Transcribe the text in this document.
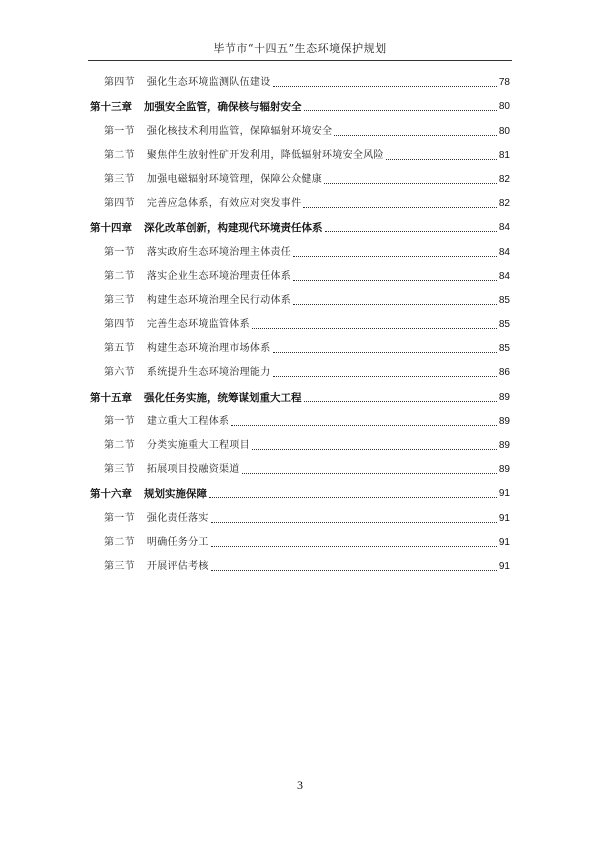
毕节市“十四五”生态环境保护规划
第四节 强化生态环境监测队伍建设	78
第十三章 加强安全监管，确保核与辐射安全	80
第一节 强化核技术利用监管，保障辐射环境安全	80
第二节 聚焦伴生放射性矿开发利用，降低辐射环境安全风险	81
第三节 加强电磁辐射环境管理，保障公众健康	82
第四节 完善应急体系，有效应对突发事件	82
第十四章 深化改革创新，构建现代环境责任体系	84
第一节 落实政府生态环境治理主体责任	84
第二节 落实企业生态环境治理责任体系	84
第三节 构建生态环境治理全民行动体系	85
第四节 完善生态环境监管体系	85
第五节 构建生态环境治理市场体系	85
第六节 系统提升生态环境治理能力	86
第十五章 强化任务实施，统筹谋划重大工程	89
第一节 建立重大工程体系	89
第二节 分类实施重大工程项目	89
第三节 拓展项目投融资渠道	89
第十六章 规划实施保障	91
第一节 强化责任落实	91
第二节 明确任务分工	91
第三节 开展评估考核	91
3
